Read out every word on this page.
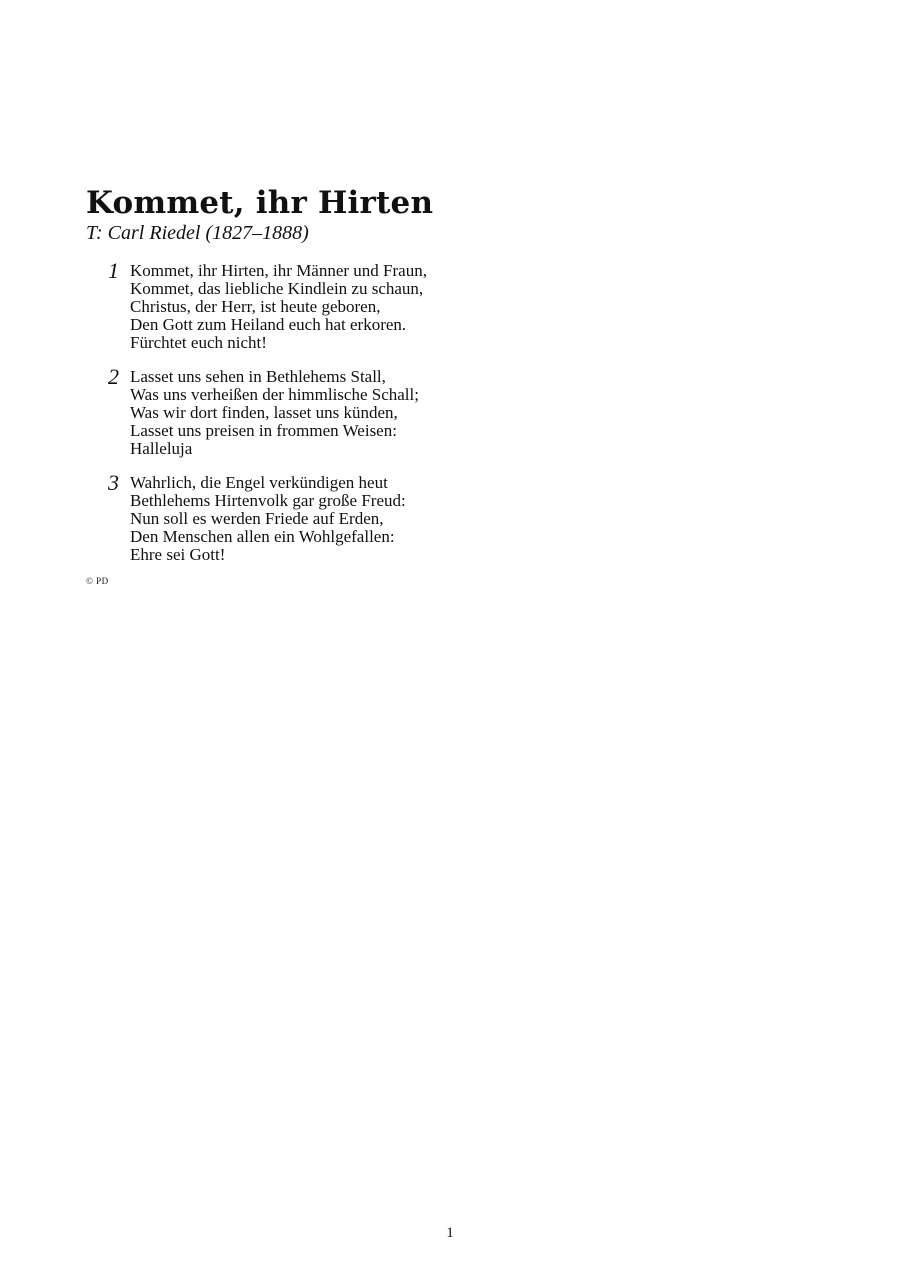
Kommet, ihr Hirten
T: Carl Riedel (1827–1888)
1 Kommet, ihr Hirten, ihr Männer und Fraun,
Kommet, das liebliche Kindlein zu schaun,
Christus, der Herr, ist heute geboren,
Den Gott zum Heiland euch hat erkoren.
Fürchtet euch nicht!
2 Lasset uns sehen in Bethlehems Stall,
Was uns verheißen der himmlische Schall;
Was wir dort finden, lasset uns künden,
Lasset uns preisen in frommen Weisen:
Halleluja
3 Wahrlich, die Engel verkündigen heut
Bethlehems Hirtenvolk gar große Freud:
Nun soll es werden Friede auf Erden,
Den Menschen allen ein Wohlgefallen:
Ehre sei Gott!
© PD
1
